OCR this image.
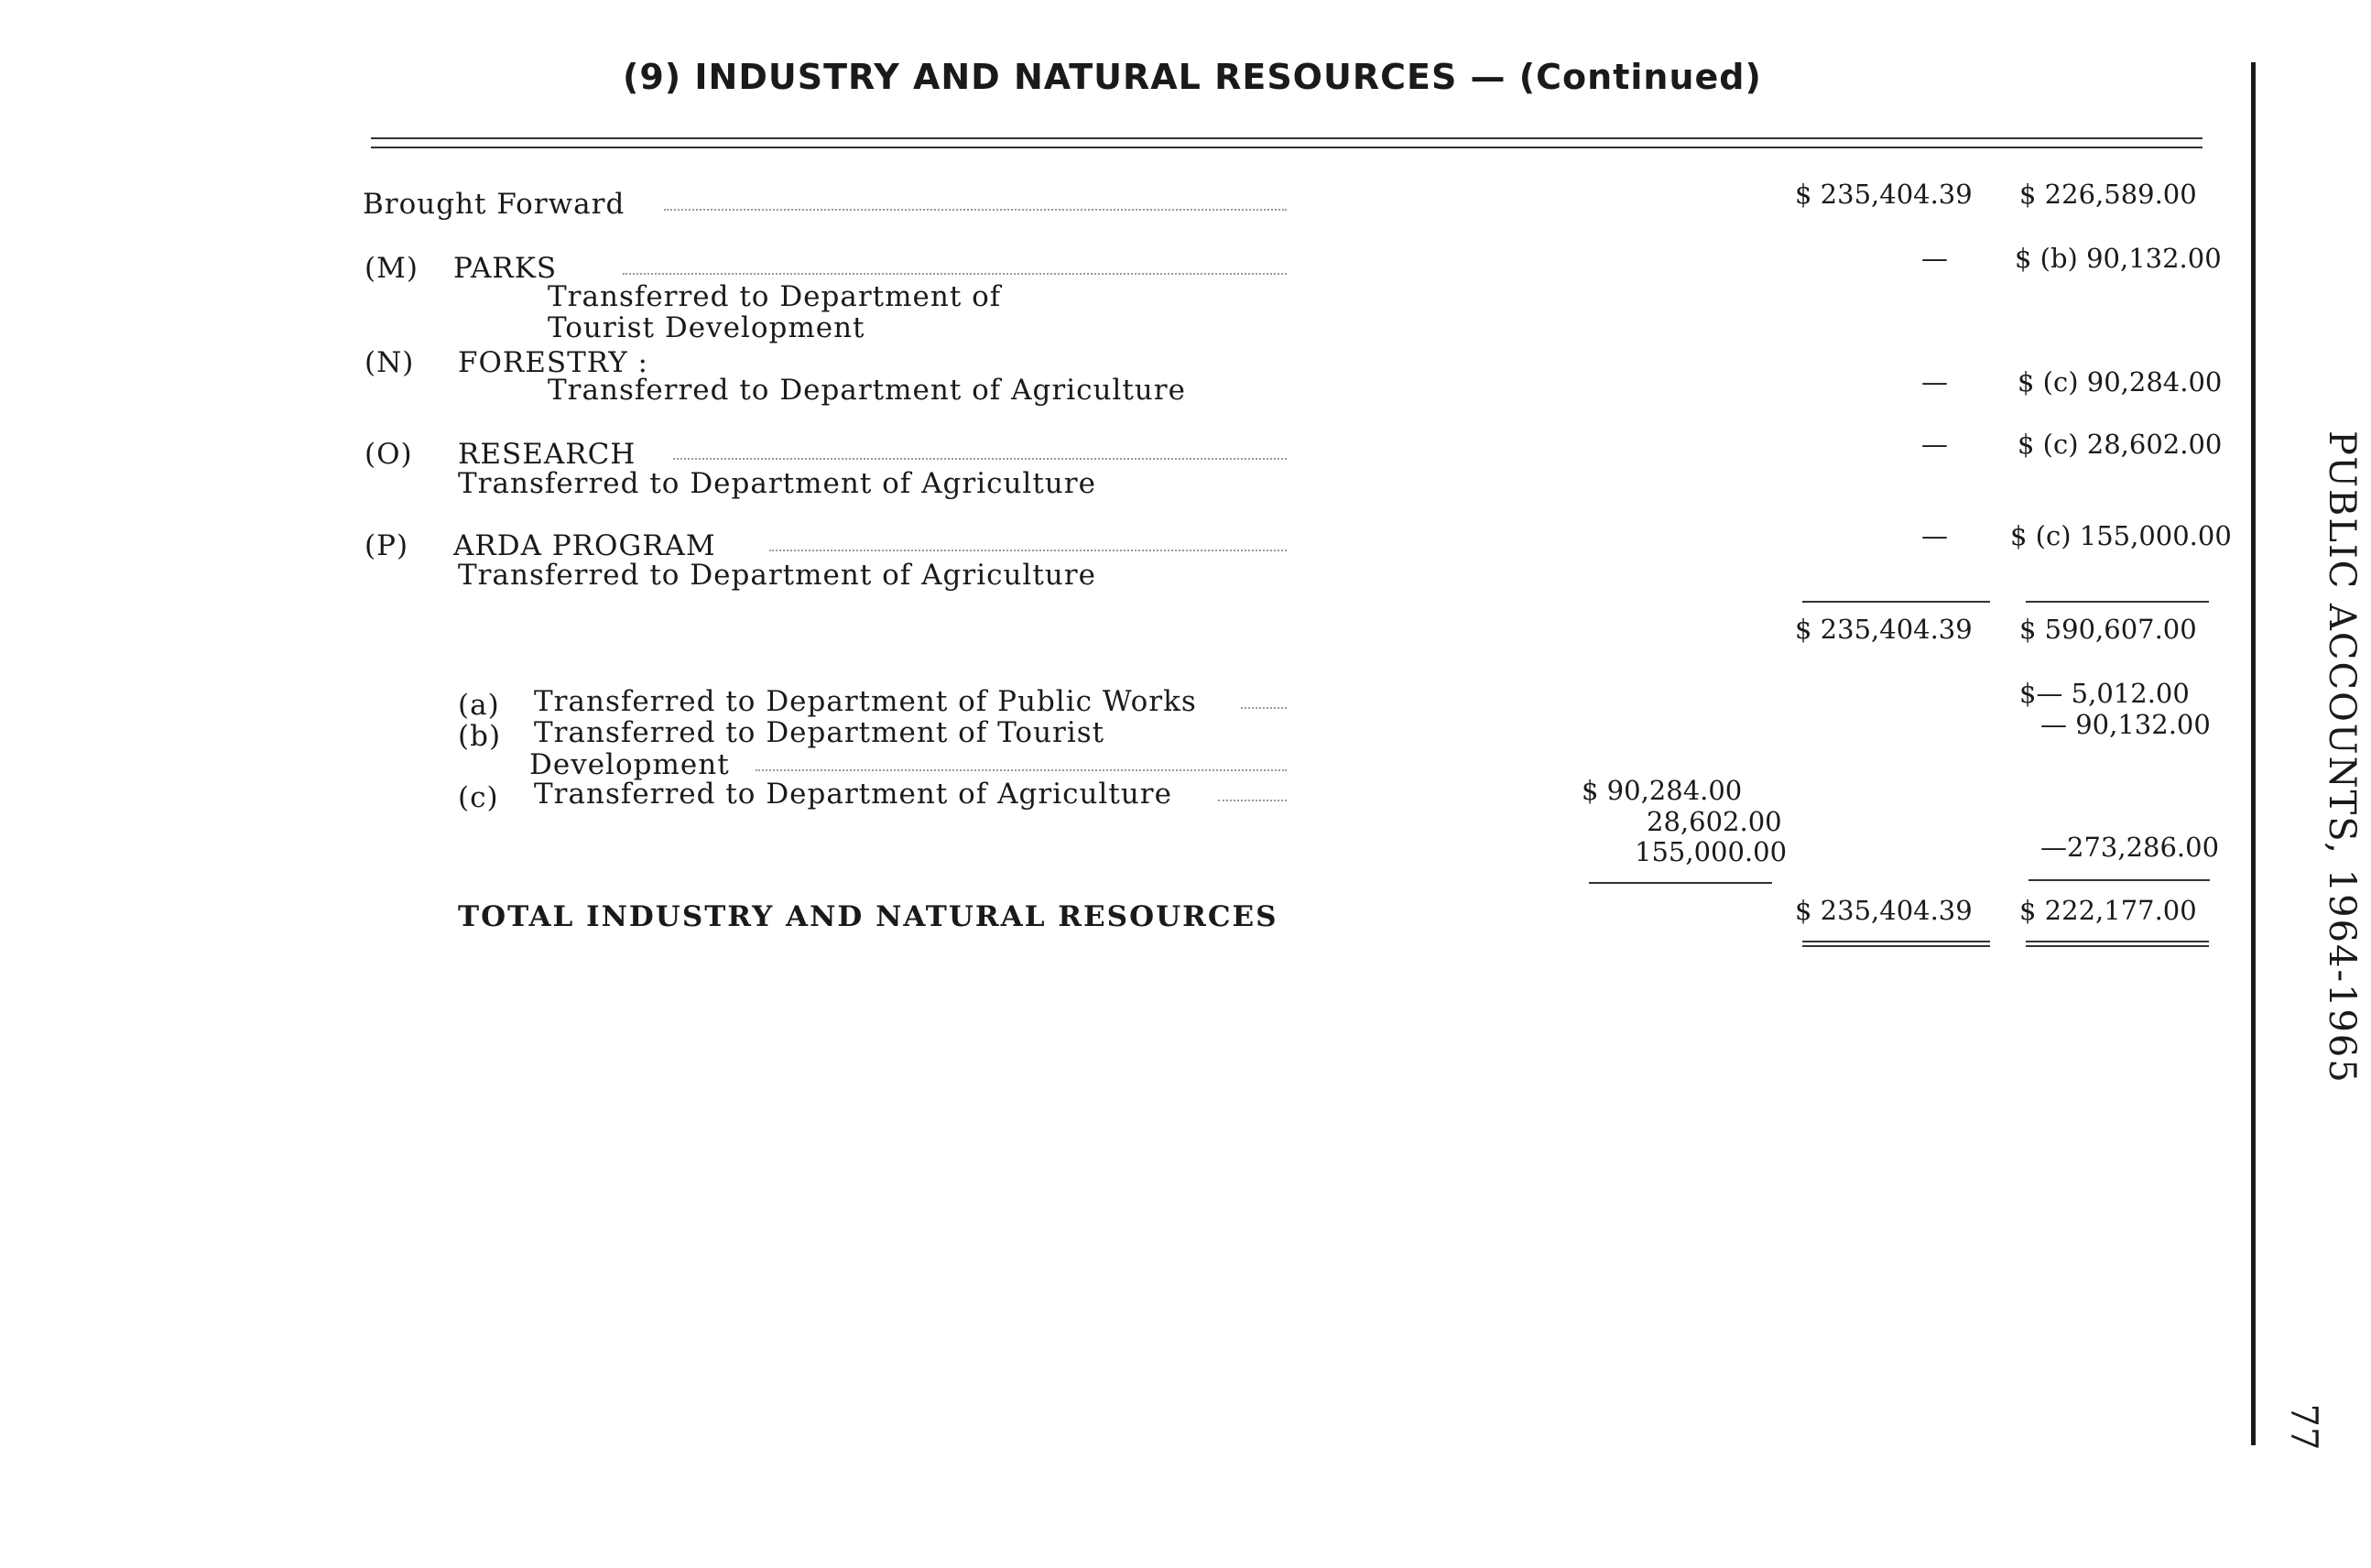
(9) INDUSTRY AND NATURAL RESOURCES — (Continued)
PUBLIC ACCOUNTS, 1964-1965
77
Brought Forward	$ 235,404.39 $ 226,589.00
(M) PARKS
Transferred to Department of
Tourist Development
—	$ (b) 90,132.00
(N) FORESTRY :
Transferred to Department of Agriculture	—	$ (c) 90,284.00
(O) RESEARCH
Transferred to Department of Agriculture
—	$ (c) 28,602.00
(P) ARDA PROGRAM
Transferred to Department of Agriculture
— $ (c) 155,000.00
$ 235,404.39 $ 590,607.00
(a) Transferred to Department of Public Works	$— 5,012.00
(b) Transferred to Department of Tourist
Development
— 90,132.00
(c) Transferred to Department of Agriculture	$ 90,284.00
28,602.00
155,000.00	—273,286.00
TOTAL INDUSTRY AND NATURAL RESOURCES	$ 235,404.39 $ 222,177.00
